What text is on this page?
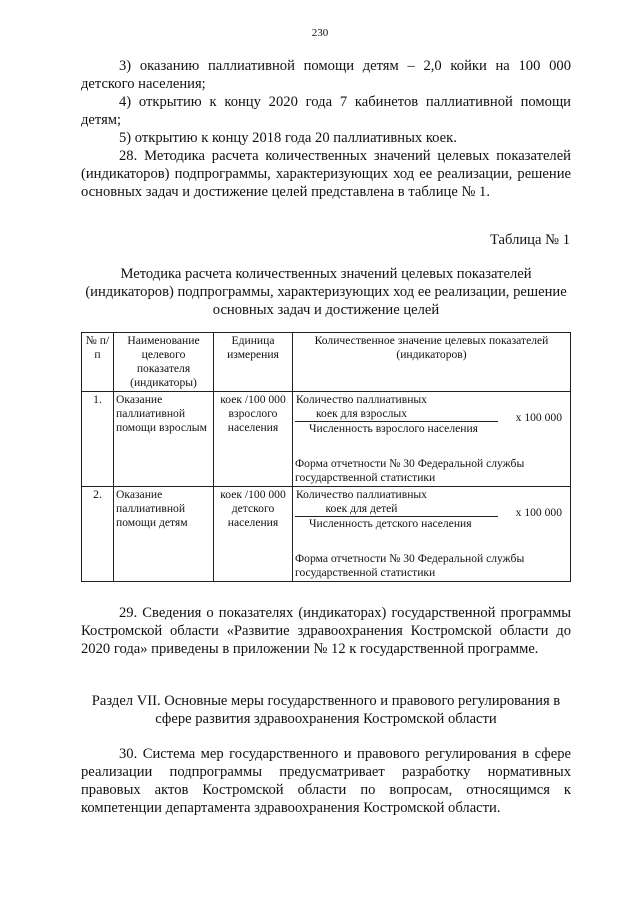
230
3) оказанию паллиативной помощи детям – 2,0 койки на 100 000 детского населения;
4) открытию к концу 2020 года 7 кабинетов паллиативной помощи детям;
5) открытию к концу 2018 года 20 паллиативных коек.
28. Методика расчета количественных значений целевых показателей (индикаторов) подпрограммы, характеризующих ход ее реализации, решение основных задач и достижение целей представлена в таблице № 1.
Таблица № 1
Методика расчета количественных значений целевых показателей (индикаторов) подпрограммы, характеризующих ход ее реализации, решение основных задач и достижение целей
№ п/п	Наименование целевого показателя (индикаторы)	Единица измерения	Количественное значение целевых показателей (индикаторов)
1.	Оказание паллиативной помощи взрослым	коек /100 000 взрослого населения	Количество паллиативных коек для взрослых
Численность взрослого населения
x 100 000
Форма отчетности № 30 Федеральной службы государственной статистики

2.	Оказание паллиативной помощи детям	коек /100 000 детского населения	Количество паллиативных коек для детей
Численность детского населения
x 100 000
Форма отчетности № 30 Федеральной службы государственной статистики
29. Сведения о показателях (индикаторах) государственной программы Костромской области «Развитие здравоохранения Костромской области до 2020 года» приведены в приложении № 12 к государственной программе.
Раздел VII. Основные меры государственного и правового регулирования в сфере развития здравоохранения Костромской области
30. Система мер государственного и правового регулирования в сфере реализации подпрограммы предусматривает разработку нормативных правовых актов Костромской области по вопросам, относящимся к компетенции департамента здравоохранения Костромской области.
